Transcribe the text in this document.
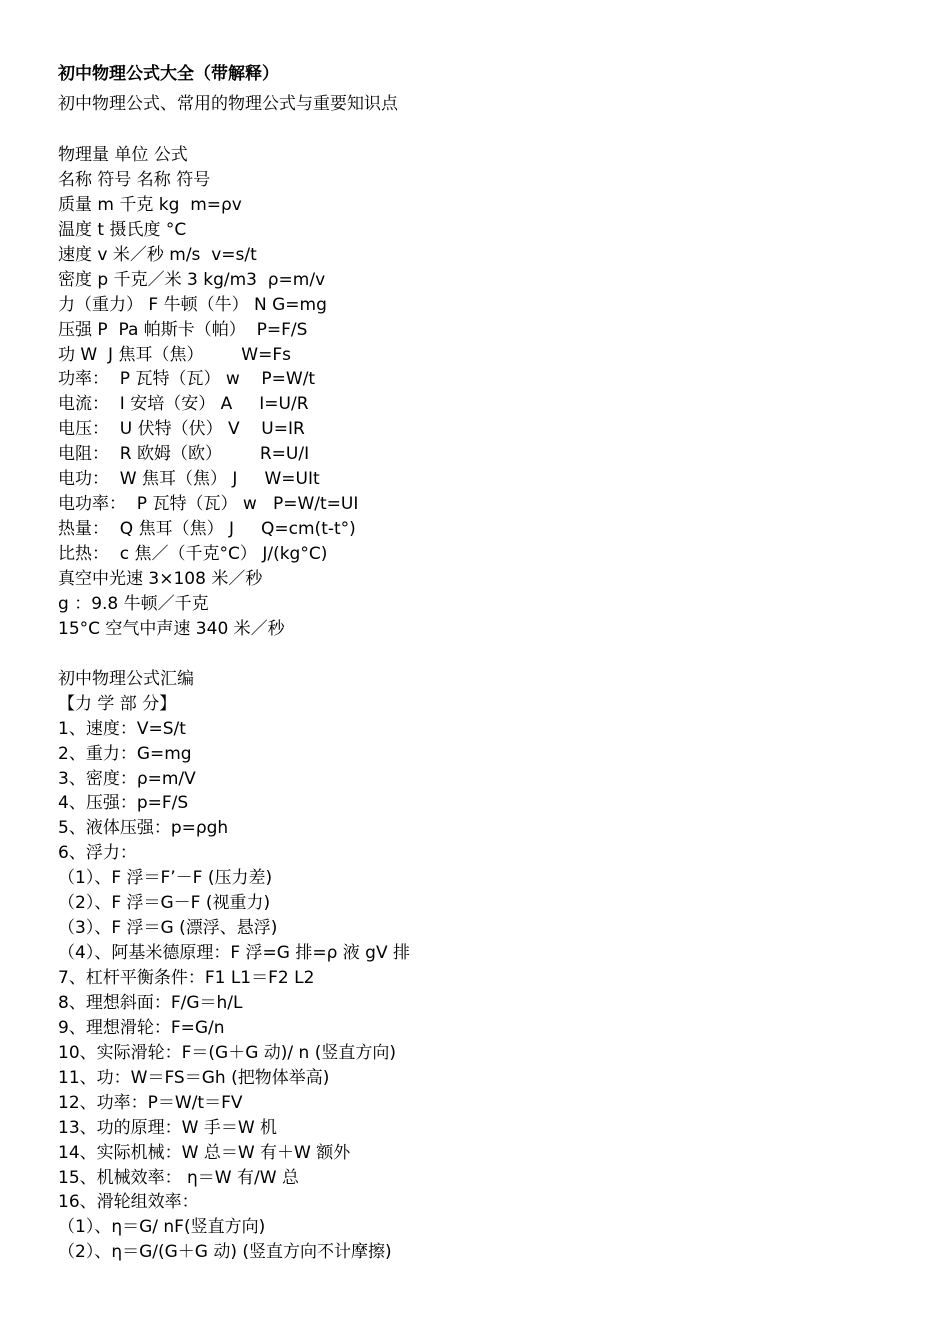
初中物理公式大全（带解释）
初中物理公式、常用的物理公式与重要知识点
物理量 单位 公式
名称 符号 名称 符号
质量 m 千克 kg  m=ρv
温度 t 摄氏度 °C
速度 v 米／秒 m/s  v=s/t
密度 p 千克／米 3 kg/m3  ρ=m/v
力（重力） F 牛顿（牛） N G=mg
压强 P  Pa 帕斯卡（帕）  P=F/S
功 W  J 焦耳（焦）       W=Fs
功率：  P 瓦特（瓦） w    P=W/t
电流：  I 安培（安） A     I=U/R
电压：  U 伏特（伏） V    U=IR
电阻：  R 欧姆（欧）       R=U/I
电功：  W 焦耳（焦） J     W=UIt
电功率：  P 瓦特（瓦） w   P=W/t=UI
热量：  Q 焦耳（焦） J     Q=cm(t-t°)
比热：  c 焦／（千克°C） J/(kg°C)
真空中光速 3×108 米／秒
g ：9.8 牛顿／千克
15°C 空气中声速 340 米／秒
初中物理公式汇编
【力 学 部 分】
1、速度：V=S/t
2、重力：G=mg
3、密度：ρ=m/V
4、压强：p=F/S
5、液体压强：p=ρgh
6、浮力：
（1）、F 浮＝F’－F (压力差)
（2）、F 浮＝G－F (视重力)
（3）、F 浮＝G (漂浮、悬浮)
（4）、阿基米德原理：F 浮=G 排=ρ 液 gV 排
7、杠杆平衡条件：F1 L1＝F2 L2
8、理想斜面：F/G＝h/L
9、理想滑轮：F=G/n
10、实际滑轮：F＝(G＋G 动)/ n (竖直方向)
11、功：W＝FS＝Gh (把物体举高)
12、功率：P＝W/t＝FV
13、功的原理：W 手＝W 机
14、实际机械：W 总＝W 有＋W 额外
15、机械效率： η＝W 有/W 总
16、滑轮组效率：
（1）、η＝G/ nF(竖直方向)
（2）、η＝G/(G＋G 动) (竖直方向不计摩擦)
